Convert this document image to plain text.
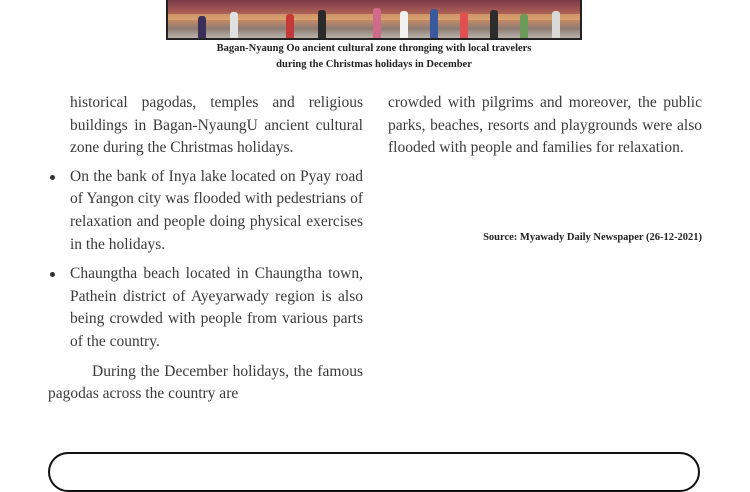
Bagan-Nyaung Oo ancient cultural zone thronging with local travelers
during the Christmas holidays in December

historical pagodas, temples and religious buildings in Bagan-NyaungU ancient cultural zone during the Christmas holidays.

On the bank of Inya lake located on Pyay road of Yangon city was flooded with pedestrians of relaxation and people doing physical exercises in the holidays.
Chaungtha beach located in Chaungtha town, Pathein district of Ayeyarwady region is also being crowded with people from various parts of the country.

During the December holidays, the famous pagodas across the country are

crowded with pilgrims and moreover, the public parks, beaches, resorts and playgrounds were also flooded with people and families for relaxation.

Source: Myawady Daily Newspaper (26-12-2021)
